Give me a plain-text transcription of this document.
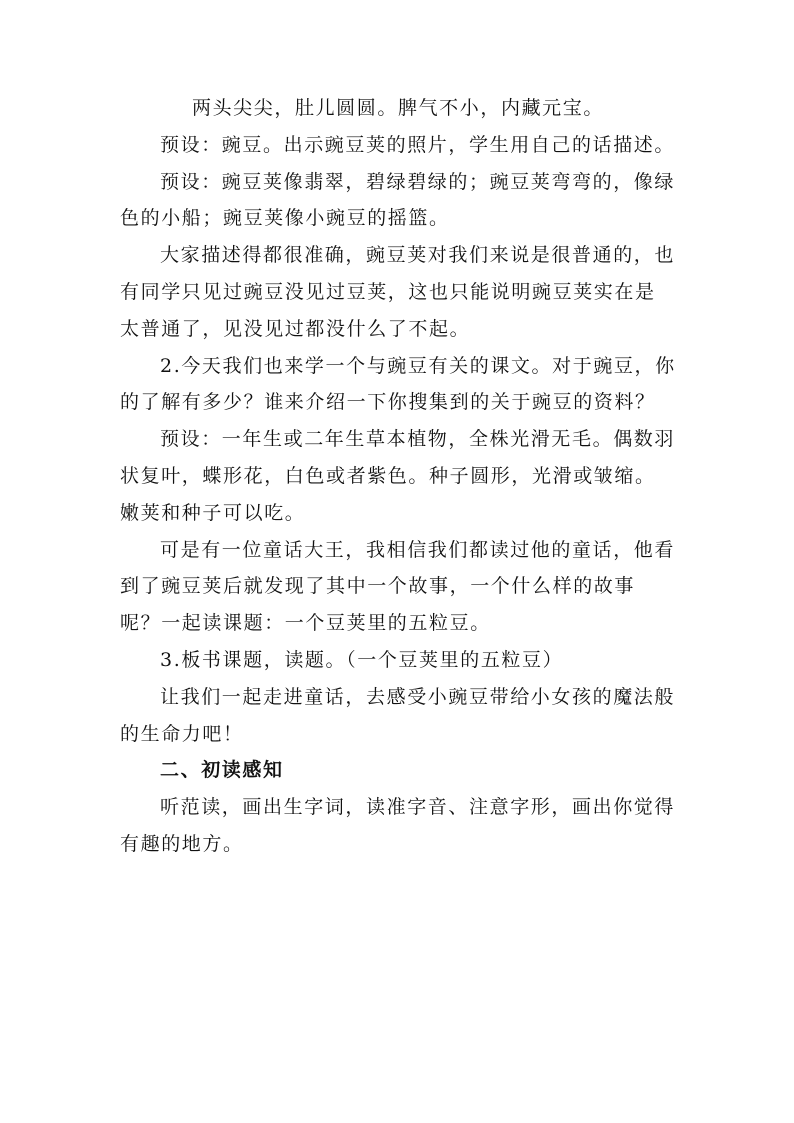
两头尖尖，肚儿圆圆。脾气不小，内藏元宝。

预设：豌豆。出示豌豆荚的照片，学生用自己的话描述。

预设：豌豆荚像翡翠，碧绿碧绿的；豌豆荚弯弯的，像绿色的小船；豌豆荚像小豌豆的摇篮。

大家描述得都很准确，豌豆荚对我们来说是很普通的，也有同学只见过豌豆没见过豆荚，这也只能说明豌豆荚实在是太普通了，见没见过都没什么了不起。

2.今天我们也来学一个与豌豆有关的课文。对于豌豆，你的了解有多少？谁来介绍一下你搜集到的关于豌豆的资料？

预设：一年生或二年生草本植物，全株光滑无毛。偶数羽状复叶，蝶形花，白色或者紫色。种子圆形，光滑或皱缩。嫩荚和种子可以吃。

可是有一位童话大王，我相信我们都读过他的童话，他看到了豌豆荚后就发现了其中一个故事，一个什么样的故事呢？一起读课题：一个豆荚里的五粒豆。

3.板书课题，读题。（一个豆荚里的五粒豆）

让我们一起走进童话，去感受小豌豆带给小女孩的魔法般的生命力吧！

二、初读感知

听范读，画出生字词，读准字音、注意字形，画出你觉得有趣的地方。
